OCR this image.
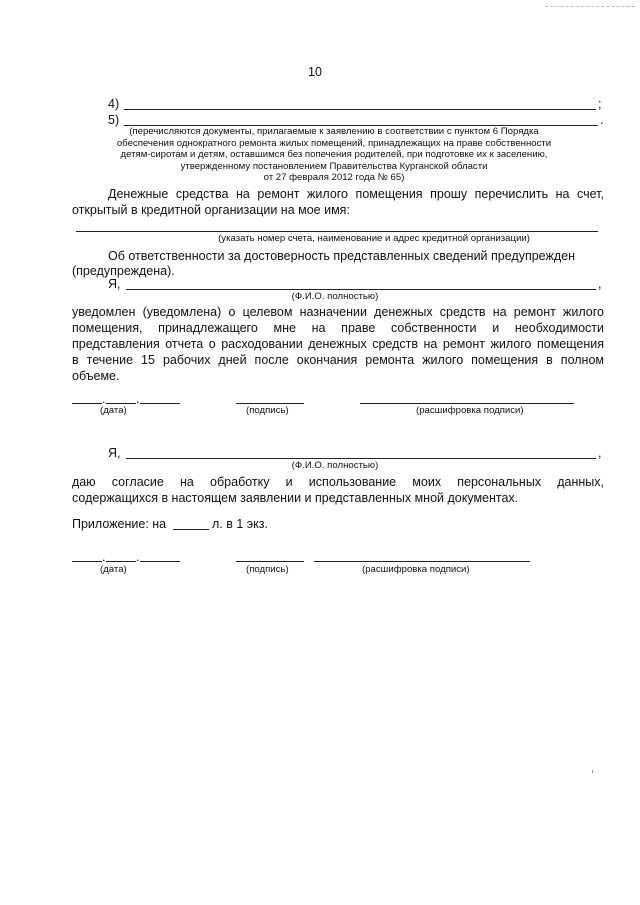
10
4)	;
5)	.
(перечисляются документы, прилагаемые к заявлению в соответствии с пунктом 6 Порядка
обеспечения однократного ремонта жилых помещений, принадлежащих на праве собственности
детям-сиротам и детям, оставшимся без попечения родителей, при подготовке их к заселению,
утвержденному постановлением Правительства Курганской области
от 27 февраля 2012 года № 65)
Денежные средства на ремонт жилого помещения прошу перечислить на счет,
открытый в кредитной организации на мое имя:
(указать номер счета, наименование и адрес кредитной организации)
Об ответственности за достоверность представленных сведений предупрежден
(предупреждена).
Я,	,
(Ф.И.О. полностью)
уведомлен (уведомлена) о целевом назначении денежных средств на ремонт жилого
помещения, принадлежащего мне на праве собственности и необходимости
представления отчета о расходовании денежных средств на ремонт жилого помещения
в течение 15 рабочих дней после окончания ремонта жилого помещения в полном
объеме.
. .
(дата)	(подпись)	(расшифровка подписи)
Я,	,
(Ф.И.О. полностью)
даю согласие на обработку и использование моих персональных данных,
содержащихся в настоящем заявлении и представленных мной документах.
Приложение: на	л. в 1 экз.
. .
(дата)	(подпись)	(расшифровка подписи)
